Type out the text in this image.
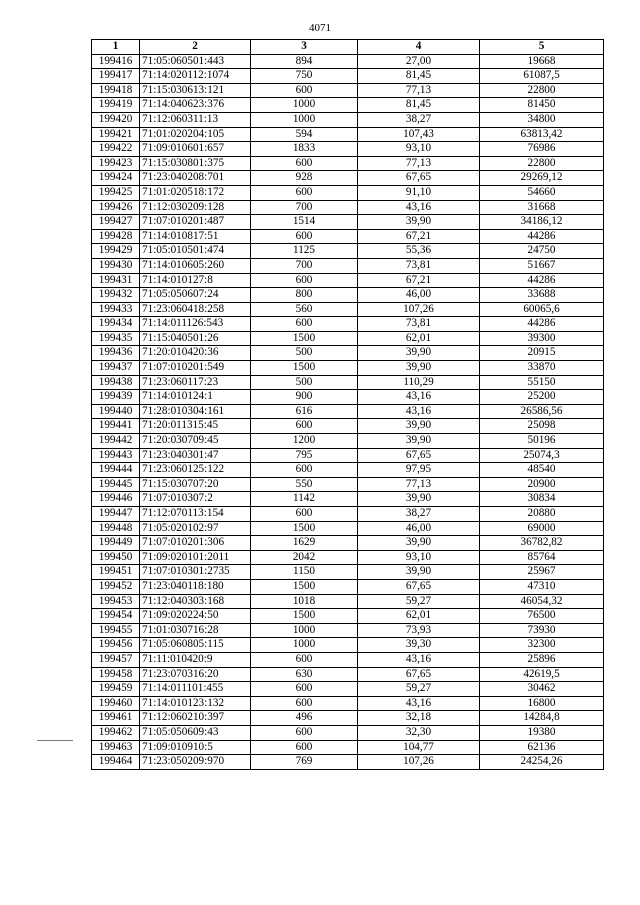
4071
1	2	3	4	5
199416	71:05:060501:443	894	27,00	19668
199417	71:14:020112:1074	750	81,45	61087,5
199418	71:15:030613:121	600	77,13	22800
199419	71:14:040623:376	1000	81,45	81450
199420	71:12:060311:13	1000	38,27	34800
199421	71:01:020204:105	594	107,43	63813,42
199422	71:09:010601:657	1833	93,10	76986
199423	71:15:030801:375	600	77,13	22800
199424	71:23:040208:701	928	67,65	29269,12
199425	71:01:020518:172	600	91,10	54660
199426	71:12:030209:128	700	43,16	31668
199427	71:07:010201:487	1514	39,90	34186,12
199428	71:14:010817:51	600	67,21	44286
199429	71:05:010501:474	1125	55,36	24750
199430	71:14:010605:260	700	73,81	51667
199431	71:14:010127:8	600	67,21	44286
199432	71:05:050607:24	800	46,00	33688
199433	71:23:060418:258	560	107,26	60065,6
199434	71:14:011126:543	600	73,81	44286
199435	71:15:040501:26	1500	62,01	39300
199436	71:20:010420:36	500	39,90	20915
199437	71:07:010201:549	1500	39,90	33870
199438	71:23:060117:23	500	110,29	55150
199439	71:14:010124:1	900	43,16	25200
199440	71:28:010304:161	616	43,16	26586,56
199441	71:20:011315:45	600	39,90	25098
199442	71:20:030709:45	1200	39,90	50196
199443	71:23:040301:47	795	67,65	25074,3
199444	71:23:060125:122	600	97,95	48540
199445	71:15:030707:20	550	77,13	20900
199446	71:07:010307:2	1142	39,90	30834
199447	71:12:070113:154	600	38,27	20880
199448	71:05:020102:97	1500	46,00	69000
199449	71:07:010201:306	1629	39,90	36782,82
199450	71:09:020101:2011	2042	93,10	85764
199451	71:07:010301:2735	1150	39,90	25967
199452	71:23:040118:180	1500	67,65	47310
199453	71:12:040303:168	1018	59,27	46054,32
199454	71:09:020224:50	1500	62,01	76500
199455	71:01:030716:28	1000	73,93	73930
199456	71:05:060805:115	1000	39,30	32300
199457	71:11:010420:9	600	43,16	25896
199458	71:23:070316:20	630	67,65	42619,5
199459	71:14:011101:455	600	59,27	30462
199460	71:14:010123:132	600	43,16	16800
199461	71:12:060210:397	496	32,18	14284,8
199462	71:05:050609:43	600	32,30	19380
199463	71:09:010910:5	600	104,77	62136
199464	71:23:050209:970	769	107,26	24254,26
